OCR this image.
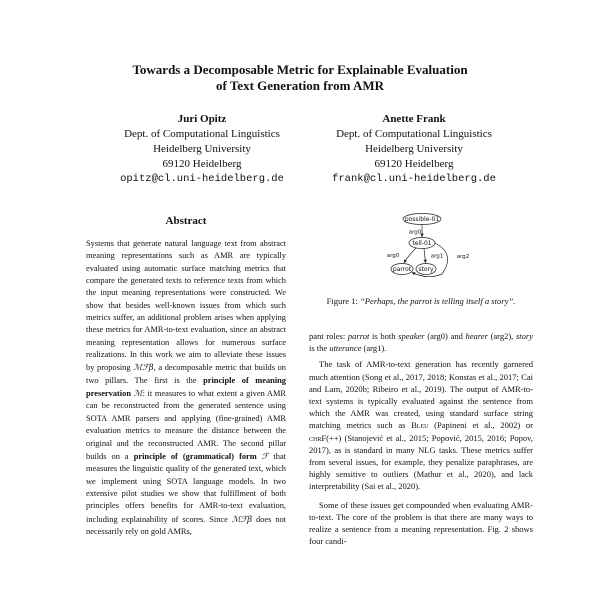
Towards a Decomposable Metric for Explainable Evaluation
of Text Generation from AMR
Juri Opitz
Dept. of Computational Linguistics
Heidelberg University
69120 Heidelberg
opitz@cl.uni-heidelberg.de
Anette Frank
Dept. of Computational Linguistics
Heidelberg University
69120 Heidelberg
frank@cl.uni-heidelberg.de
Abstract
Systems that generate natural language text from abstract meaning representations such as AMR are typically evaluated using automatic surface matching metrics that compare the generated texts to reference texts from which the input meaning representations were constructed. We show that besides well-known issues from which such metrics suffer, an additional problem arises when applying these metrics for AMR-to-text evaluation, since an abstract meaning representation allows for numerous surface realizations. In this work we aim to alleviate these issues by proposing ℳℱβ, a decomposable metric that builds on two pillars. The first is the principle of meaning preservation ℳ: it measures to what extent a given AMR can be reconstructed from the generated sentence using SOTA AMR parsers and applying (fine-grained) AMR evaluation metrics to measure the distance between the original and the reconstructed AMR. The second pillar builds on a principle of (grammatical) form ℱ that measures the linguistic quality of the generated text, which we implement using SOTA language models. In two extensive pilot studies we show that fulfillment of both principles offers benefits for AMR-to-text evaluation, including explainability of scores. Since ℳℱβ does not necessarily rely on gold AMRs,
possible-01
tell-01
parrot story
arg0
arg0	arg1 arg2
Figure 1: “Perhaps, the parrot is telling itself a story”.

pant roles: parrot is both speaker (arg0) and hearer (arg2), story is the utterance (arg1).

The task of AMR-to-text generation has recently garnered much attention (Song et al., 2017, 2018; Konstas et al., 2017; Cai and Lam, 2020b; Ribeiro et al., 2019). The output of AMR-to-text systems is typically evaluated against the sentence from which the AMR was created, using standard surface string matching metrics such as Bleu (Papineni et al., 2002) or chrF(++) (Stanojević et al., 2015; Popović, 2015, 2016; Popov, 2017), as is standard in many NLG tasks. These metrics suffer from several issues, for example, they penalize paraphrases, are highly sensitive to outliers (Mathur et al., 2020), and lack interpretability (Sai et al., 2020).

Some of these issues get compounded when evaluating AMR-to-text. The core of the problem is that there are many ways to realize a sentence from a meaning representation. Fig. 2 shows four candi-
